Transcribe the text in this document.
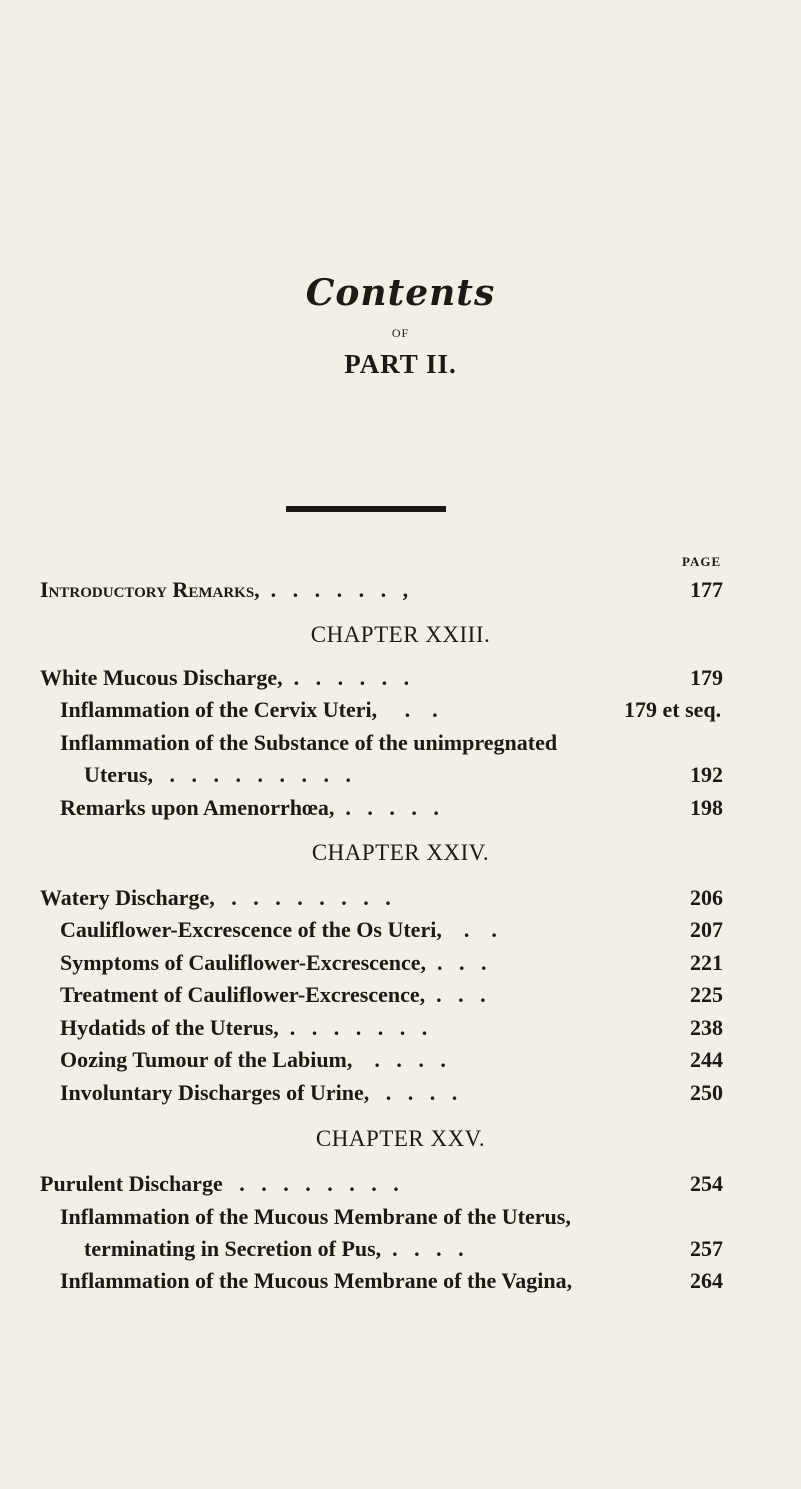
Contents
OF
PART II.
PAGE
Introductory Remarks,  .   .   .   .   .   .   ,	177
CHAPTER XXIII.
White Mucous Discharge,  .   .   .   .   .   .	179
Inflammation of the Cervix Uteri,     .    .	179 et seq.
Inflammation of the Substance of the unimpregnated
Uterus,   .   .   .   .   .   .   .   .   .	192
Remarks upon Amenorrhœa,  .   .   .   .   .	198
CHAPTER XXIV.
Watery Discharge,   .   .   .   .   .   .   .   .	206
Cauliflower-Excrescence of the Os Uteri,    .    .	207
Symptoms of Cauliflower-Excrescence,  .   .   .	221
Treatment of Cauliflower-Excrescence,  .   .   .	225
Hydatids of the Uterus,  .   .   .   .   .   .   .	238
Oozing Tumour of the Labium,    .   .   .   .	244
Involuntary Discharges of Urine,   .   .   .   .	250
CHAPTER XXV.
Purulent Discharge   .   .   .   .   .   .   .   .	254
Inflammation of the Mucous Membrane of the Uterus,
terminating in Secretion of Pus,  .   .   .   .	257
Inflammation of the Mucous Membrane of the Vagina,	264
